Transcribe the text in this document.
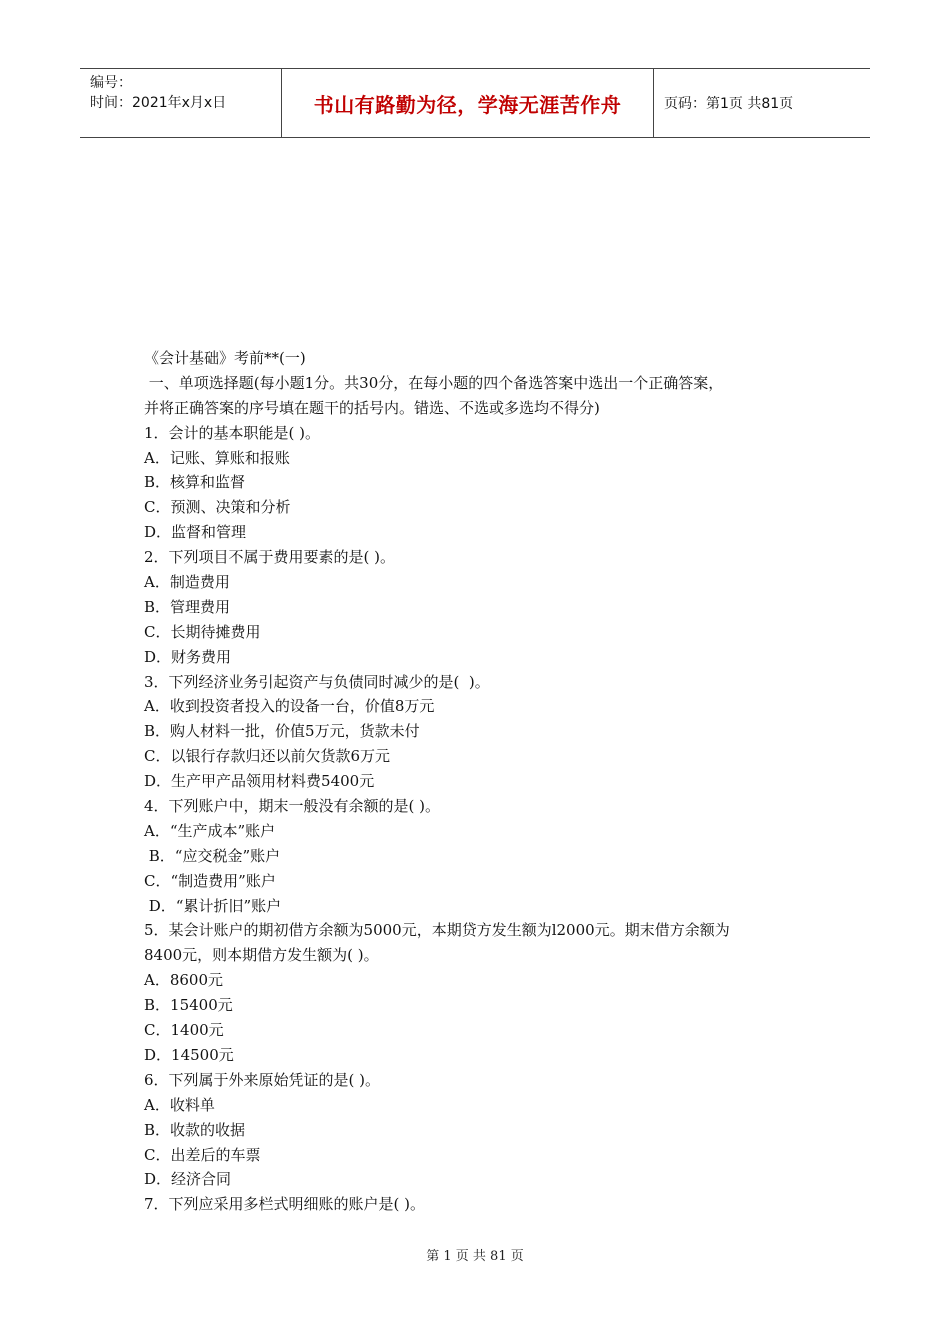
编号：
时间：2021年x月x日	书山有路勤为径，学海无涯苦作舟	页码：第1页 共81页
《会计基础》考前**(一)
一、单项选择题(每小题1分。共30分，在每小题的四个备选答案中选出一个正确答案，
并将正确答案的序号填在题干的括号内。错选、不选或多选均不得分)
1．会计的基本职能是( )。
A．记账、算账和报账
B．核算和监督
C．预测、决策和分析
D．监督和管理
2．下列项目不属于费用要素的是( )。
A．制造费用
B．管理费用
C．长期待摊费用
D．财务费用
3．下列经济业务引起资产与负债同时减少的是(  )。
A．收到投资者投入的设备一台，价值8万元
B．购人材料一批，价值5万元，货款未付
C．以银行存款归还以前欠货款6万元
D．生产甲产品领用材料费5400元
4．下列账户中，期末一般没有余额的是( )。
A．“生产成本”账户
B．“应交税金”账户
C．“制造费用”账户
D．“累计折旧”账户
5．某会计账户的期初借方余额为5000元，本期贷方发生额为l2000元。期末借方余额为
8400元，则本期借方发生额为( )。
A．8600元
B．15400元
C．1400元
D．14500元
6．下列属于外来原始凭证的是( )。
A．收料单
B．收款的收据
C．出差后的车票
D．经济合同
7．下列应采用多栏式明细账的账户是( )。
第 1 页 共 81 页
